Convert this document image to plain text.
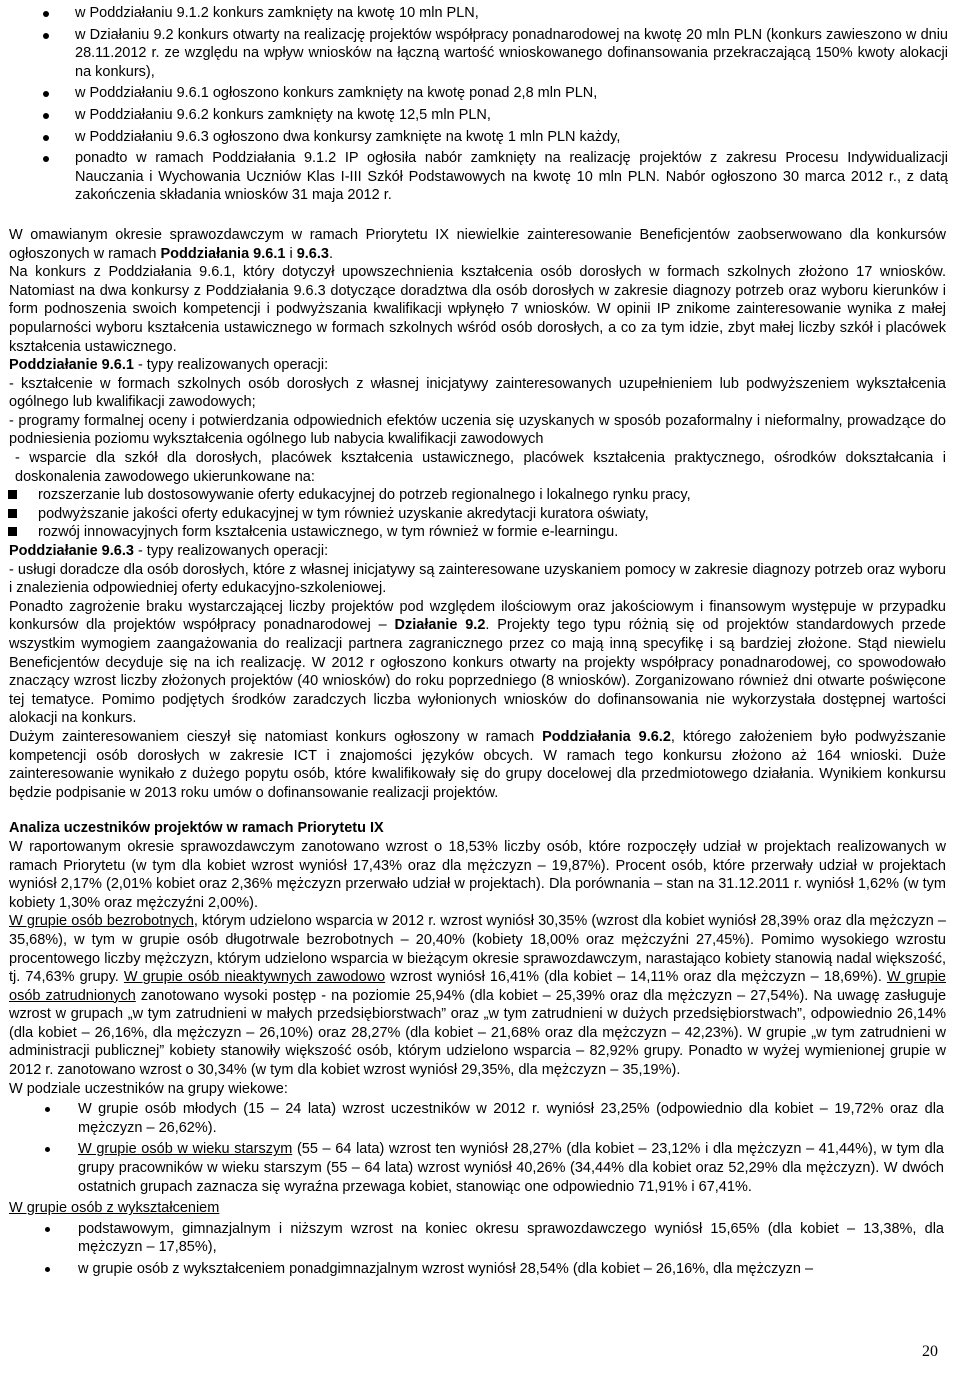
w Poddziałaniu 9.1.2 konkurs zamknięty na kwotę 10 mln PLN,
w Działaniu 9.2 konkurs otwarty na realizację projektów współpracy ponadnarodowej na kwotę 20 mln PLN (konkurs zawieszono w dniu 28.11.2012 r. ze względu na wpływ wniosków na łączną wartość wnioskowanego dofinansowania przekraczającą 150% kwoty alokacji na konkurs),
w Poddziałaniu 9.6.1 ogłoszono konkurs zamknięty na kwotę ponad 2,8 mln PLN,
w Poddziałaniu 9.6.2 konkurs zamknięty na kwotę 12,5 mln PLN,
w Poddziałaniu 9.6.3 ogłoszono dwa konkursy zamknięte na kwotę 1 mln PLN każdy,
ponadto w ramach Poddziałania 9.1.2 IP ogłosiła nabór zamknięty na realizację projektów z zakresu Procesu Indywidualizacji Nauczania i Wychowania Uczniów Klas I-III Szkół Podstawowych na kwotę 10 mln PLN. Nabór ogłoszono 30 marca 2012 r., z datą zakończenia składania wniosków 31 maja 2012 r.

W omawianym okresie sprawozdawczym w ramach Priorytetu IX niewielkie zainteresowanie Beneficjentów zaobserwowano dla konkursów ogłoszonych w ramach Poddziałania 9.6.1 i 9.6.3.

Na konkurs z Poddziałania 9.6.1, który dotyczył upowszechnienia kształcenia osób dorosłych w formach szkolnych złożono 17 wniosków. Natomiast na dwa konkursy z Poddziałania 9.6.3 dotyczące doradztwa dla osób dorosłych w zakresie diagnozy potrzeb oraz wyboru kierunków i form podnoszenia swoich kompetencji i podwyższania kwalifikacji wpłynęło 7 wniosków. W opinii IP znikome zainteresowanie wynika z małej popularności wyboru kształcenia ustawicznego w formach szkolnych wśród osób dorosłych, a co za tym idzie, zbyt małej liczby szkół i placówek kształcenia ustawicznego.

Poddziałanie 9.6.1 - typy realizowanych operacji:

- kształcenie w formach szkolnych osób dorosłych z własnej inicjatywy zainteresowanych uzupełnieniem lub podwyższeniem wykształcenia ogólnego lub kwalifikacji zawodowych;

- programy formalnej oceny i potwierdzania odpowiednich efektów uczenia się uzyskanych w sposób pozaformalny i nieformalny, prowadzące do podniesienia poziomu wykształcenia ogólnego lub nabycia kwalifikacji zawodowych

- wsparcie dla szkół dla dorosłych, placówek kształcenia ustawicznego, placówek kształcenia praktycznego, ośrodków dokształcania i doskonalenia zawodowego ukierunkowane na:

rozszerzanie lub dostosowywanie oferty edukacyjnej do potrzeb regionalnego i lokalnego rynku pracy,
podwyższanie jakości oferty edukacyjnej w tym również uzyskanie akredytacji kuratora oświaty,
rozwój innowacyjnych form kształcenia ustawicznego, w tym również w formie e-learningu.

Poddziałanie 9.6.3 - typy realizowanych operacji:

- usługi doradcze dla osób dorosłych, które z własnej inicjatywy są zainteresowane uzyskaniem pomocy w zakresie diagnozy potrzeb oraz wyboru i znalezienia odpowiedniej oferty edukacyjno-szkoleniowej.

Ponadto zagrożenie braku wystarczającej liczby projektów pod względem ilościowym oraz jakościowym i finansowym występuje w przypadku konkursów dla projektów współpracy ponadnarodowej – Działanie 9.2. Projekty tego typu różnią się od projektów standardowych przede wszystkim wymogiem zaangażowania do realizacji partnera zagranicznego przez co mają inną specyfikę i są bardziej złożone. Stąd niewielu Beneficjentów decyduje się na ich realizację. W 2012 r ogłoszono konkurs otwarty na projekty współpracy ponadnarodowej, co spowodowało znaczący wzrost liczby złożonych projektów (40 wniosków) do roku poprzedniego (8 wniosków). Zorganizowano również dni otwarte poświęcone tej tematyce. Pomimo podjętych środków zaradczych liczba wyłonionych wniosków do dofinansowania nie wykorzystała dostępnej wartości alokacji na konkurs.

Dużym zainteresowaniem cieszył się natomiast konkurs ogłoszony w ramach Poddziałania 9.6.2, którego założeniem było podwyższanie kompetencji osób dorosłych w zakresie ICT i znajomości języków obcych. W ramach tego konkursu złożono aż 164 wnioski. Duże zainteresowanie wynikało z dużego popytu osób, które kwalifikowały się do grupy docelowej dla przedmiotowego działania. Wynikiem konkursu będzie podpisanie w 2013 roku umów o dofinansowanie realizacji projektów.

Analiza uczestników projektów w ramach Priorytetu IX

W raportowanym okresie sprawozdawczym zanotowano wzrost o 18,53% liczby osób, które rozpoczęły udział w projektach realizowanych w ramach Priorytetu (w tym dla kobiet wzrost wyniósł 17,43% oraz dla mężczyzn – 19,87%). Procent osób, które przerwały udział w projektach wyniósł 2,17% (2,01% kobiet oraz 2,36% mężczyzn przerwało udział w projektach). Dla porównania – stan na 31.12.2011 r. wyniósł 1,62% (w tym kobiety 1,30% oraz mężczyźni 2,00%).

W grupie osób bezrobotnych, którym udzielono wsparcia w 2012 r. wzrost wyniósł 30,35% (wzrost dla kobiet wyniósł 28,39% oraz dla mężczyzn – 35,68%), w tym w grupie osób długotrwale bezrobotnych – 20,40% (kobiety 18,00% oraz mężczyźni 27,45%). Pomimo wysokiego wzrostu procentowego liczby mężczyzn, którym udzielono wsparcia w bieżącym okresie sprawozdawczym, narastająco kobiety stanowią nadal większość, tj. 74,63% grupy. W grupie osób nieaktywnych zawodowo wzrost wyniósł 16,41% (dla kobiet – 14,11% oraz dla mężczyzn – 18,69%). W grupie osób zatrudnionych zanotowano wysoki postęp - na poziomie 25,94% (dla kobiet – 25,39% oraz dla mężczyzn – 27,54%). Na uwagę zasługuje wzrost w grupach „w tym zatrudnieni w małych przedsiębiorstwach” oraz „w tym zatrudnieni w dużych przedsiębiorstwach”, odpowiednio 26,14% (dla kobiet – 26,16%, dla mężczyzn – 26,10%) oraz 28,27% (dla kobiet – 21,68% oraz dla mężczyzn – 42,23%). W grupie „w tym zatrudnieni w administracji publicznej” kobiety stanowiły większość osób, którym udzielono wsparcia – 82,92% grupy. Ponadto w wyżej wymienionej grupie w 2012 r. zanotowano wzrost o 30,34% (w tym dla kobiet wzrost wyniósł 29,35%, dla mężczyzn – 35,19%).

W podziale uczestników na grupy wiekowe:

W grupie osób młodych (15 – 24 lata) wzrost uczestników w 2012 r. wyniósł 23,25% (odpowiednio dla kobiet – 19,72% oraz dla mężczyzn – 26,62%).
W grupie osób w wieku starszym (55 – 64 lata) wzrost ten wyniósł 28,27% (dla kobiet – 23,12% i dla mężczyzn – 41,44%), w tym dla grupy pracowników w wieku starszym (55 – 64 lata) wzrost wyniósł 40,26% (34,44% dla kobiet oraz 52,29% dla mężczyzn). W dwóch ostatnich grupach zaznacza się wyraźna przewaga kobiet, stanowiąc one odpowiednio 71,91% i 67,41%.

W grupie osób z wykształceniem

podstawowym, gimnazjalnym i niższym wzrost na koniec okresu sprawozdawczego wyniósł 15,65% (dla kobiet – 13,38%, dla mężczyzn – 17,85%),
w grupie osób z wykształceniem ponadgimnazjalnym wzrost wyniósł 28,54% (dla kobiet – 26,16%, dla mężczyzn –
20
